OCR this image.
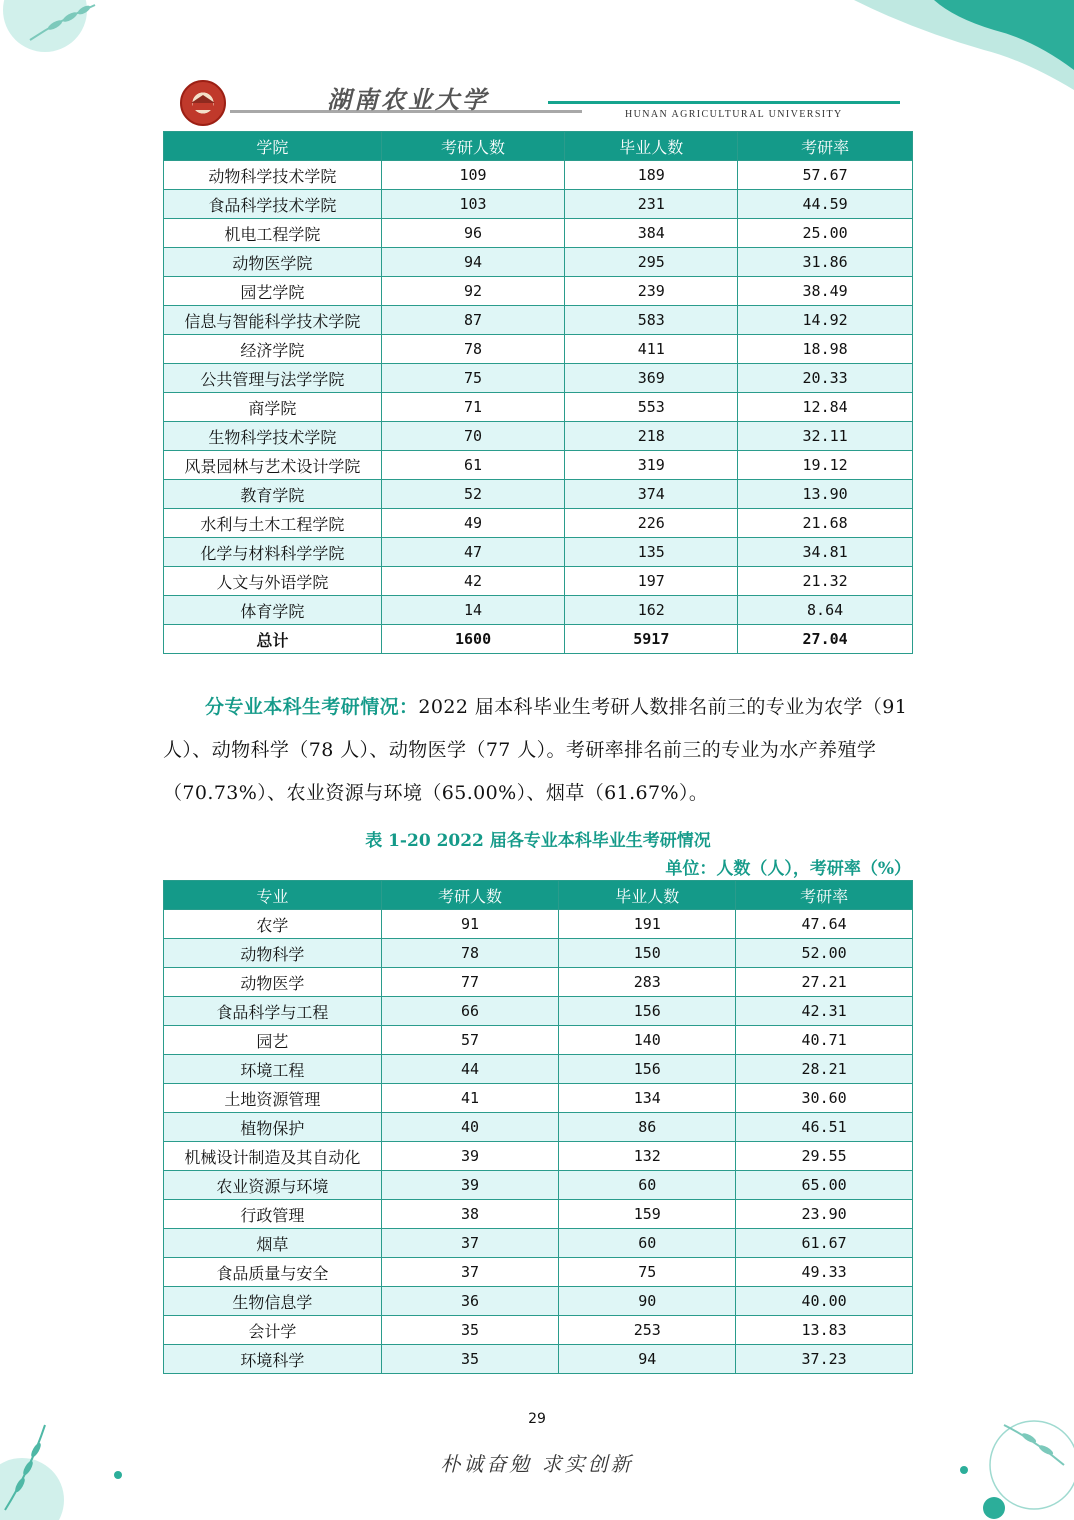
湖南农业大学
HUNAN AGRICULTURAL UNIVERSITY
学院	考研人数	毕业人数	考研率
动物科学技术学院	109	189	57.67
食品科学技术学院	103	231	44.59
机电工程学院	96	384	25.00
动物医学院	94	295	31.86
园艺学院	92	239	38.49
信息与智能科学技术学院	87	583	14.92
经济学院	78	411	18.98
公共管理与法学学院	75	369	20.33
商学院	71	553	12.84
生物科学技术学院	70	218	32.11
风景园林与艺术设计学院	61	319	19.12
教育学院	52	374	13.90
水利与土木工程学院	49	226	21.68
化学与材料科学学院	47	135	34.81
人文与外语学院	42	197	21.32
体育学院	14	162	8.64
总计	1600	5917	27.04
分专业本科生考研情况：2022 届本科毕业生考研人数排名前三的专业为农学（91 人）、动物科学（78 人）、动物医学（77 人）。考研率排名前三的专业为水产养殖学（70.73%）、农业资源与环境（65.00%）、烟草（61.67%）。
表 1-20 2022 届各专业本科毕业生考研情况
单位：人数（人），考研率（%）
专业	考研人数	毕业人数	考研率
农学	91	191	47.64
动物科学	78	150	52.00
动物医学	77	283	27.21
食品科学与工程	66	156	42.31
园艺	57	140	40.71
环境工程	44	156	28.21
土地资源管理	41	134	30.60
植物保护	40	86	46.51
机械设计制造及其自动化	39	132	29.55
农业资源与环境	39	60	65.00
行政管理	38	159	23.90
烟草	37	60	61.67
食品质量与安全	37	75	49.33
生物信息学	36	90	40.00
会计学	35	253	13.83
环境科学	35	94	37.23
29
朴诚奋勉 求实创新
